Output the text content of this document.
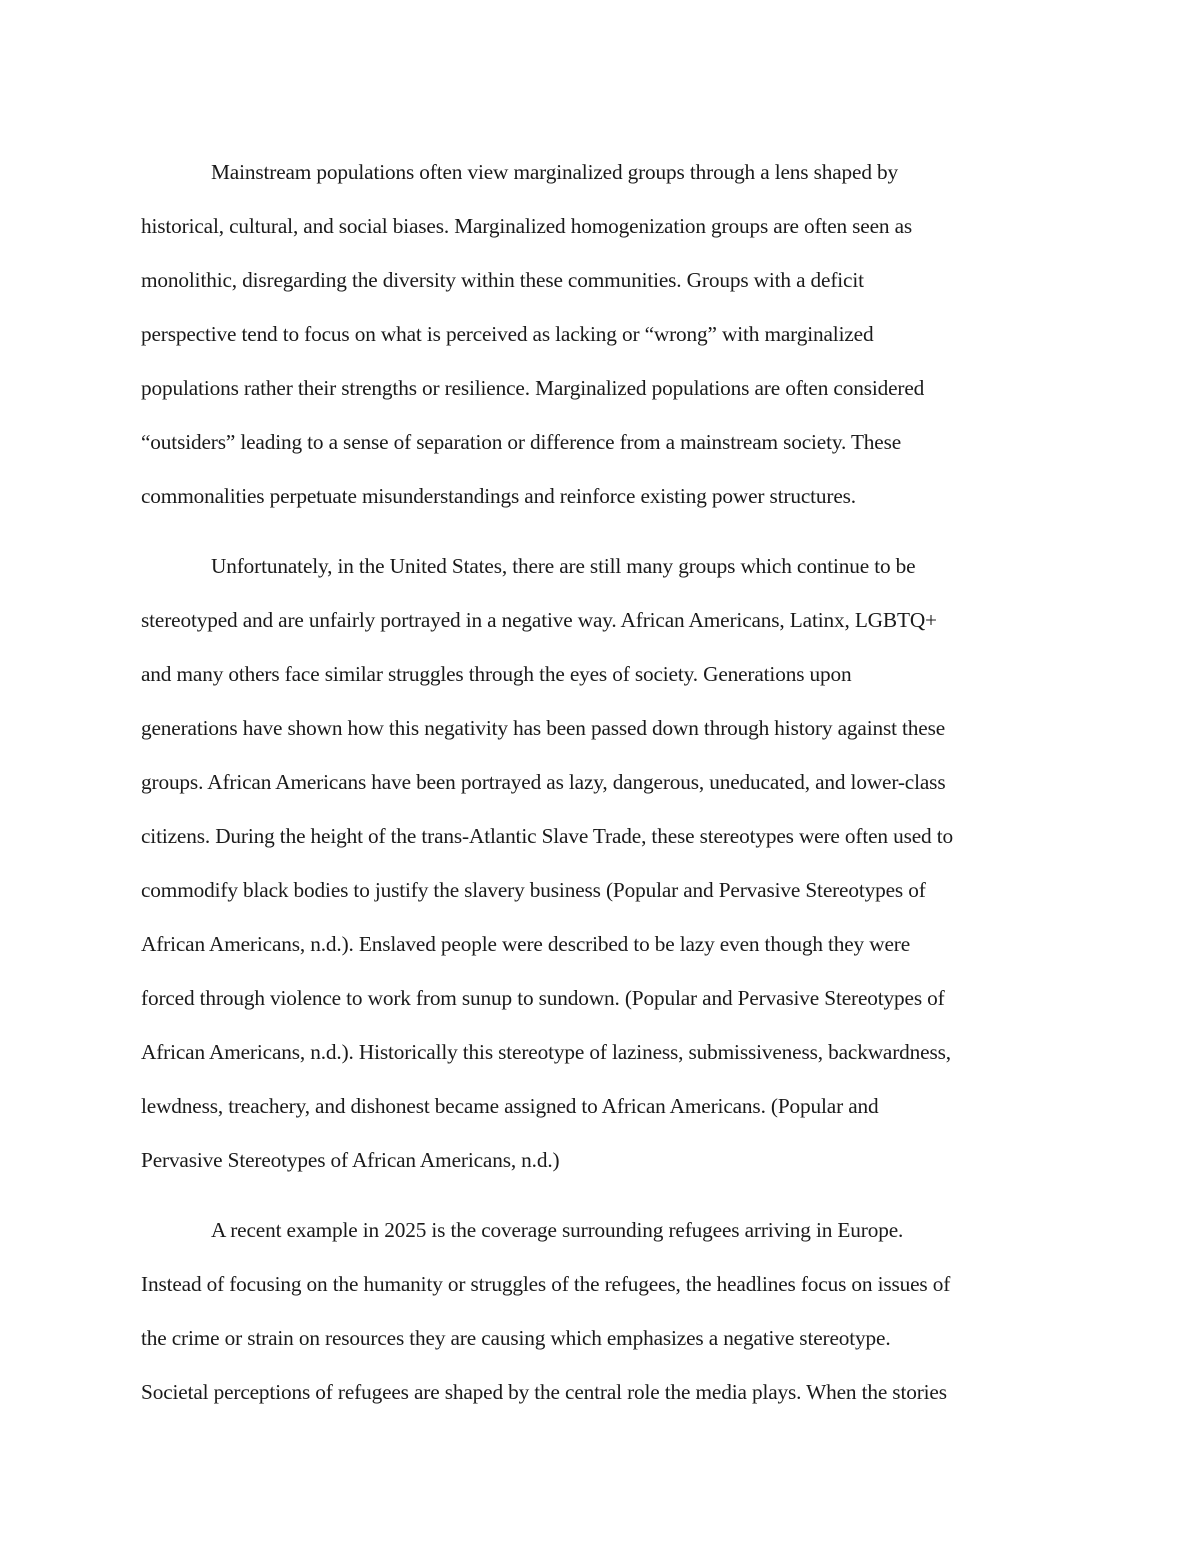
Mainstream populations often view marginalized groups through a lens shaped by
historical, cultural, and social biases. Marginalized homogenization groups are often seen as
monolithic, disregarding the diversity within these communities. Groups with a deficit
perspective tend to focus on what is perceived as lacking or “wrong” with marginalized
populations rather their strengths or resilience. Marginalized populations are often considered
“outsiders” leading to a sense of separation or difference from a mainstream society. These
commonalities perpetuate misunderstandings and reinforce existing power structures.
Unfortunately, in the United States, there are still many groups which continue to be
stereotyped and are unfairly portrayed in a negative way. African Americans, Latinx, LGBTQ+
and many others face similar struggles through the eyes of society. Generations upon
generations have shown how this negativity has been passed down through history against these
groups. African Americans have been portrayed as lazy, dangerous, uneducated, and lower-class
citizens. During the height of the trans-Atlantic Slave Trade, these stereotypes were often used to
commodify black bodies to justify the slavery business (Popular and Pervasive Stereotypes of
African Americans, n.d.). Enslaved people were described to be lazy even though they were
forced through violence to work from sunup to sundown. (Popular and Pervasive Stereotypes of
African Americans, n.d.). Historically this stereotype of laziness, submissiveness, backwardness,
lewdness, treachery, and dishonest became assigned to African Americans. (Popular and
Pervasive Stereotypes of African Americans, n.d.)
A recent example in 2025 is the coverage surrounding refugees arriving in Europe.
Instead of focusing on the humanity or struggles of the refugees, the headlines focus on issues of
the crime or strain on resources they are causing which emphasizes a negative stereotype.
Societal perceptions of refugees are shaped by the central role the media plays. When the stories
